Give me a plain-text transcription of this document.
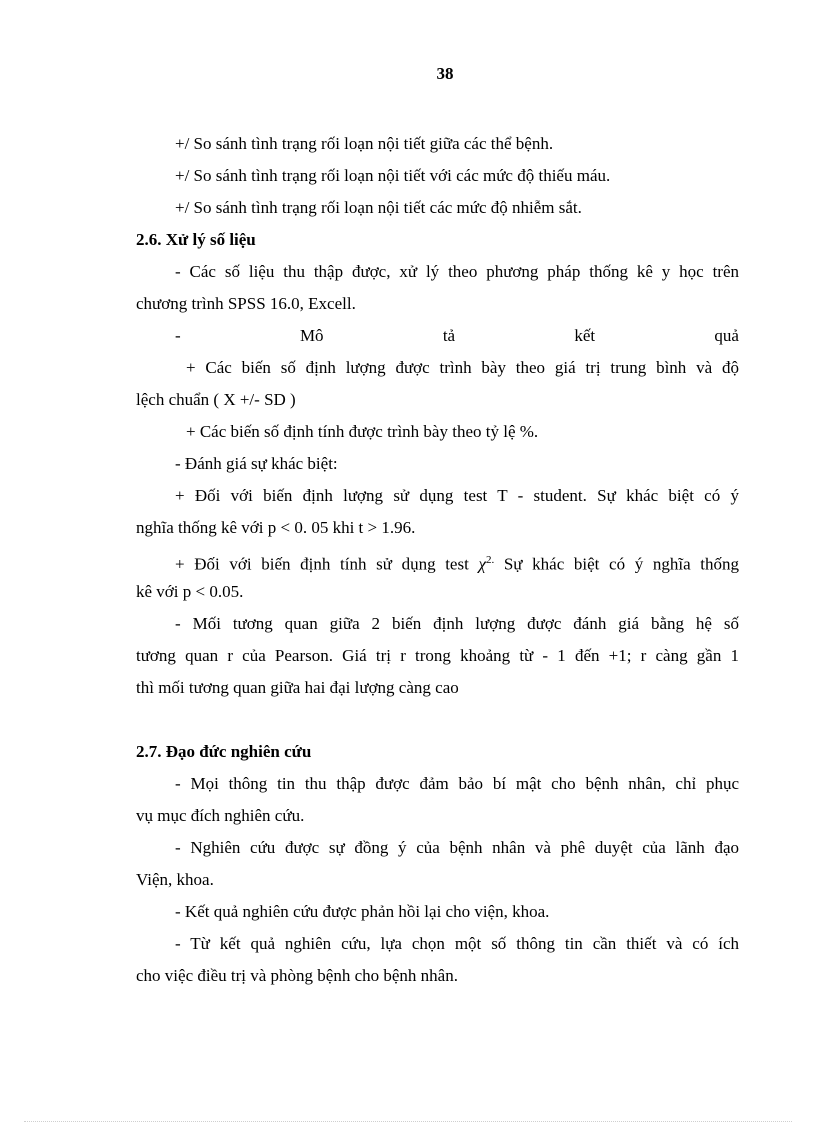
38
+/ So sánh tình trạng rối loạn nội tiết giữa các thể bệnh.
+/ So sánh tình trạng rối loạn nội tiết với các mức độ thiếu máu.
+/ So sánh tình trạng rối loạn nội tiết các mức độ nhiễm sắt.
2.6. Xử lý số liệu
- Các số liệu thu thập được, xử lý theo phương pháp thống kê y học trên
chương trình SPSS 16.0, Excell.
-	Mô	tả	kết	quả
+ Các biến số định lượng được trình bày theo giá trị trung bình và độ
lệch chuẩn ( X +/- SD )
+ Các biến số định tính được trình bày theo tỷ lệ %.
- Đánh giá sự khác biệt:
+ Đối với biến định lượng sử dụng test T - student. Sự khác biệt có ý
nghĩa thống kê với p < 0. 05 khi t > 1.96.
+ Đối với biến định tính sử dụng test $\chi^{2.}$ Sự khác biệt có ý nghĩa thống
kê với p < 0.05.
- Mối tương quan giữa 2 biến định lượng được đánh giá bằng hệ số
tương quan r của Pearson. Giá trị r trong khoảng từ - 1 đến +1; r càng gần 1
thì mối tương quan giữa hai đại lượng càng cao
2.7. Đạo đức nghiên cứu
- Mọi thông tin thu thập được đảm bảo bí mật cho bệnh nhân, chỉ phục
vụ mục đích nghiên cứu.
- Nghiên cứu được sự đồng ý của bệnh nhân và phê duyệt của lãnh đạo
Viện, khoa.
- Kết quả nghiên cứu được phản hồi lại cho viện, khoa.
- Từ kết quả nghiên cứu, lựa chọn một số thông tin cần thiết và có ích
cho việc điều trị và phòng bệnh cho bệnh nhân.
